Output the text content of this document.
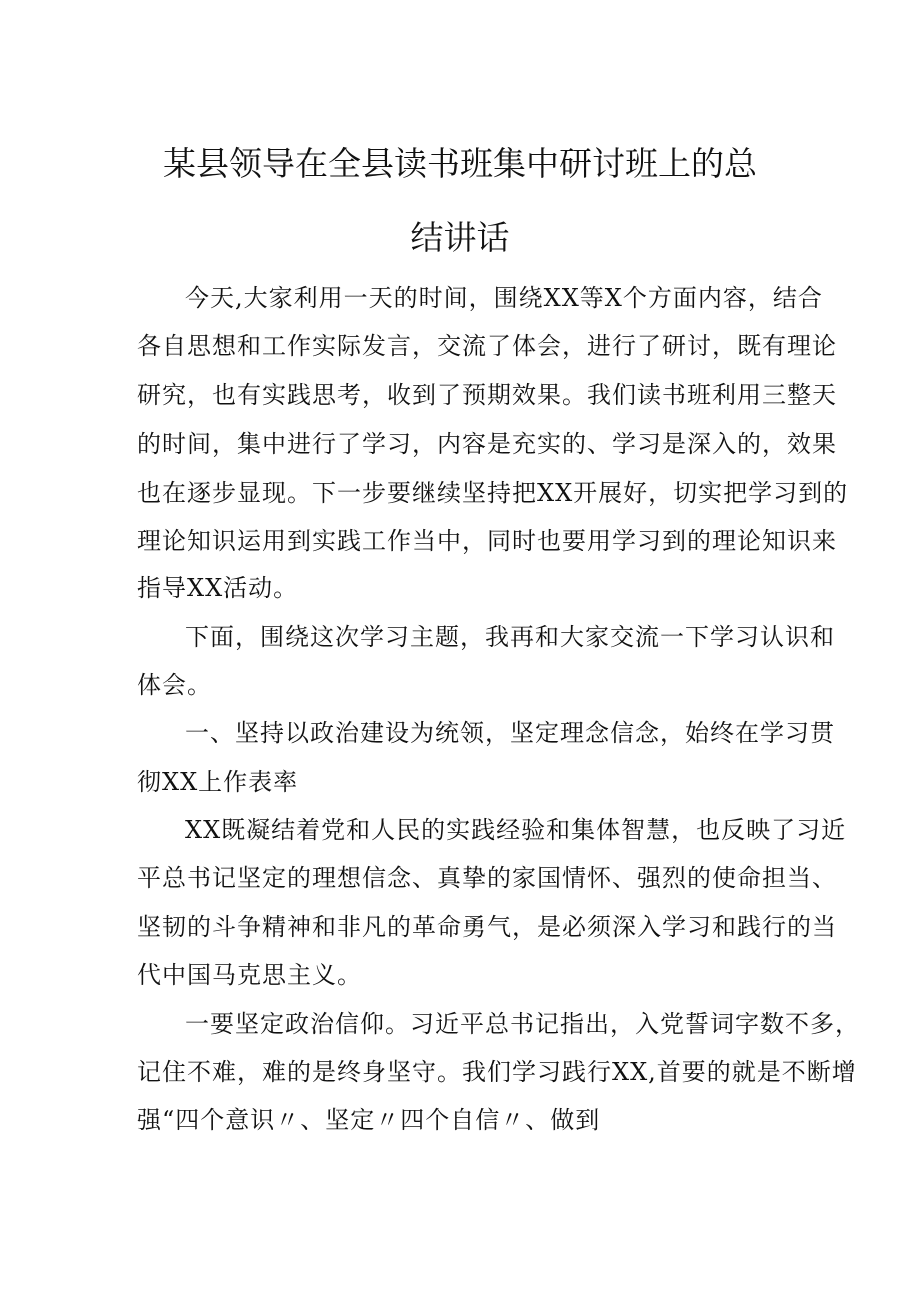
某县领导在全县读书班集中研讨班上的总
结讲话
今天,大家利用一天的时间，围绕XX等X个方面内容，结合
各自思想和工作实际发言，交流了体会，进行了研讨，既有理论
研究，也有实践思考，收到了预期效果。我们读书班利用三整天
的时间，集中进行了学习，内容是充实的、学习是深入的，效果
也在逐步显现。下一步要继续坚持把XX开展好，切实把学习到的
理论知识运用到实践工作当中，同时也要用学习到的理论知识来
指导XX活动。
下面，围绕这次学习主题，我再和大家交流一下学习认识和
体会。
一、坚持以政治建设为统领，坚定理念信念，始终在学习贯
彻XX上作表率
XX既凝结着党和人民的实践经验和集体智慧，也反映了习近
平总书记坚定的理想信念、真挚的家国情怀、强烈的使命担当、
坚韧的斗争精神和非凡的革命勇气，是必须深入学习和践行的当
代中国马克思主义。
一要坚定政治信仰。习近平总书记指出，入党誓词字数不多，
记住不难，难的是终身坚守。我们学习践行XX,首要的就是不断增
强“四个意识〃、坚定〃四个自信〃、做到
